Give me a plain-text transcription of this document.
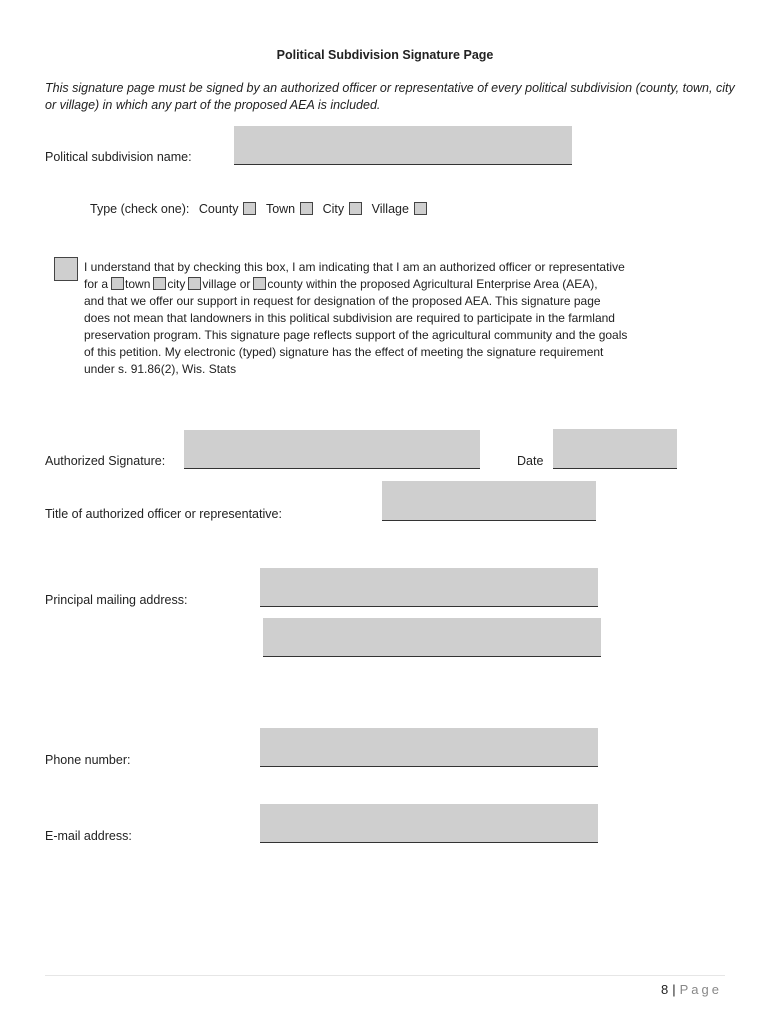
Political Subdivision Signature Page
This signature page must be signed by an authorized officer or representative of every political subdivision (county, town, city or village) in which any part of the proposed AEA is included.
Political subdivision name:
Type (check one): County Town City Village
I understand that by checking this box, I am indicating that I am an authorized officer or representative
for a town city village or county within the proposed Agricultural Enterprise Area (AEA),
and that we offer our support in request for designation of the proposed AEA. This signature page
does not mean that landowners in this political subdivision are required to participate in the farmland
preservation program. This signature page reflects support of the agricultural community and the goals
of this petition. My electronic (typed) signature has the effect of meeting the signature requirement
under s. 91.86(2), Wis. Stats
Authorized Signature:	Date
Title of authorized officer or representative:
Principal mailing address:
Phone number:
E-mail address:
8 | Page
